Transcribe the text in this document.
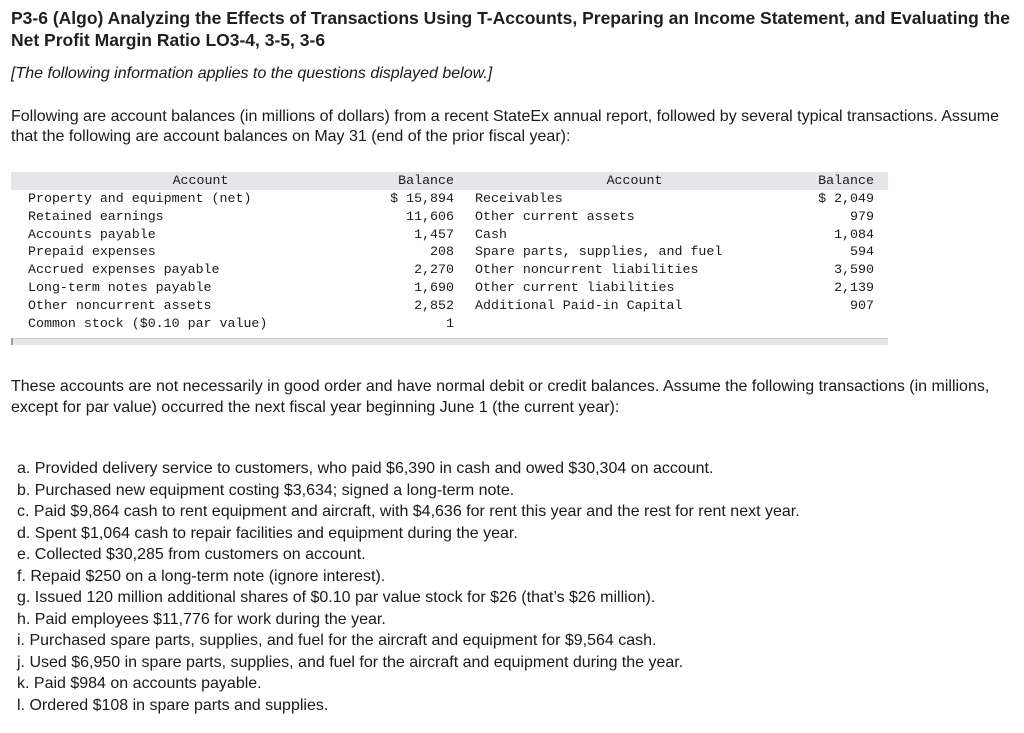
P3-6 (Algo) Analyzing the Effects of Transactions Using T-Accounts, Preparing an Income Statement, and Evaluating the Net Profit Margin Ratio LO3-4, 3-5, 3-6

[The following information applies to the questions displayed below.]

Following are account balances (in millions of dollars) from a recent StateEx annual report, followed by several typical transactions. Assume that the following are account balances on May 31 (end of the prior fiscal year):

Account	Balance	Account	Balance
Property and equipment (net)	$ 15,894	Receivables	$ 2,049
Retained earnings	11,606	Other current assets	979
Accounts payable	1,457	Cash	1,084
Prepaid expenses	208	Spare parts, supplies, and fuel	594
Accrued expenses payable	2,270	Other noncurrent liabilities	3,590
Long-term notes payable	1,690	Other current liabilities	2,139
Other noncurrent assets	2,852	Additional Paid-in Capital	907
Common stock ($0.10 par value)	1		

These accounts are not necessarily in good order and have normal debit or credit balances. Assume the following transactions (in millions, except for par value) occurred the next fiscal year beginning June 1 (the current year):

a. Provided delivery service to customers, who paid $6,390 in cash and owed $30,304 on account.
b. Purchased new equipment costing $3,634; signed a long-term note.
c. Paid $9,864 cash to rent equipment and aircraft, with $4,636 for rent this year and the rest for rent next year.
d. Spent $1,064 cash to repair facilities and equipment during the year.
e. Collected $30,285 from customers on account.
f. Repaid $250 on a long-term note (ignore interest).
g. Issued 120 million additional shares of $0.10 par value stock for $26 (that’s $26 million).
h. Paid employees $11,776 for work during the year.
i. Purchased spare parts, supplies, and fuel for the aircraft and equipment for $9,564 cash.
j. Used $6,950 in spare parts, supplies, and fuel for the aircraft and equipment during the year.
k. Paid $984 on accounts payable.
l. Ordered $108 in spare parts and supplies.
